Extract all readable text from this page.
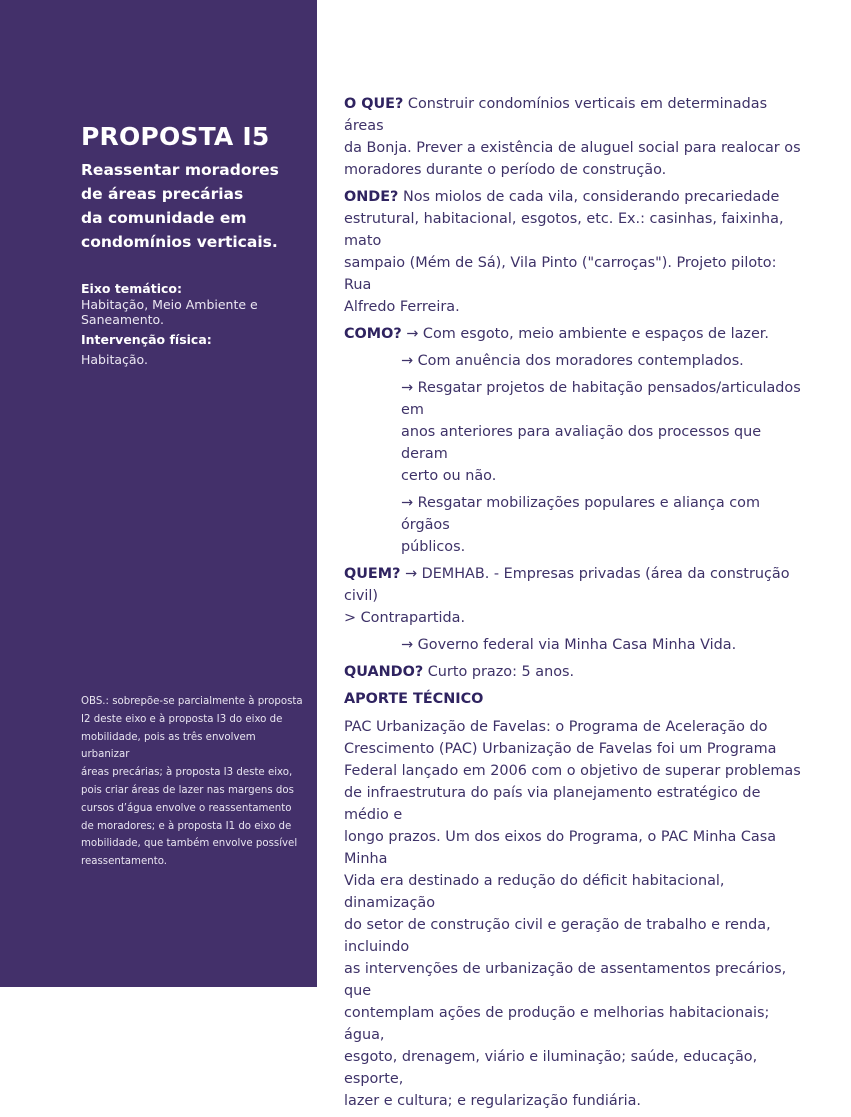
PROPOSTA I5
Reassentar moradores
de áreas precárias
da comunidade em
condomínios verticais.
Eixo temático:
Habitação, Meio Ambiente e
Saneamento.
Intervenção física:
Habitação.
OBS.: sobrepõe-se parcialmente à proposta
I2 deste eixo e à proposta I3 do eixo de
mobilidade, pois as três envolvem urbanizar
áreas precárias; à proposta I3 deste eixo,
pois criar áreas de lazer nas margens dos
cursos d’água envolve o reassentamento
de moradores; e à proposta I1 do eixo de
mobilidade, que também envolve possível
reassentamento.

O QUE? Construir condomínios verticais em determinadas áreas
da Bonja. Prever a existência de aluguel social para realocar os
moradores durante o período de construção.

ONDE? Nos miolos de cada vila, considerando precariedade
estrutural, habitacional, esgotos, etc. Ex.: casinhas, faixinha, mato
sampaio (Mém de Sá), Vila Pinto ("carroças"). Projeto piloto: Rua
Alfredo Ferreira.

COMO? → Com esgoto, meio ambiente e espaços de lazer.

→ Com anuência dos moradores contemplados.

→ Resgatar projetos de habitação pensados/articulados em
anos anteriores para avaliação dos processos que deram
certo ou não.

→ Resgatar mobilizações populares e aliança com órgãos
públicos.

QUEM? → DEMHAB. - Empresas privadas (área da construção civil)
> Contrapartida.

→ Governo federal via Minha Casa Minha Vida.

QUANDO? Curto prazo: 5 anos.

APORTE TÉCNICO

PAC Urbanização de Favelas: o Programa de Aceleração do
Crescimento (PAC) Urbanização de Favelas foi um Programa
Federal lançado em 2006 com o objetivo de superar problemas
de infraestrutura do país via planejamento estratégico de médio e
longo prazos. Um dos eixos do Programa, o PAC Minha Casa Minha
Vida era destinado a redução do déficit habitacional, dinamização
do setor de construção civil e geração de trabalho e renda, incluindo
as intervenções de urbanização de assentamentos precários, que
contemplam ações de produção e melhorias habitacionais; água,
esgoto, drenagem, viário e iluminação; saúde, educação, esporte,
lazer e cultura; e regularização fundiária.
